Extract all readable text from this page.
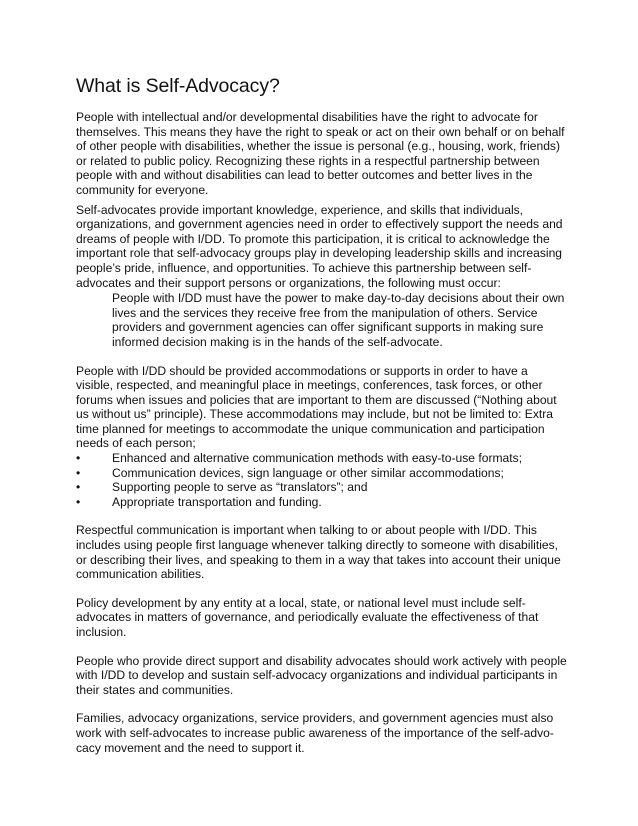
What is Self-Advocacy?

People with intellectual and/or developmental disabilities have the right to advocate for themselves. This means they have the right to speak or act on their own behalf or on behalf of other people with disabilities, whether the issue is personal (e.g., housing, work, friends) or related to public policy. Recognizing these rights in a respectful partnership between people with and without disabilities can lead to better outcomes and better lives in the community for everyone.

Self-advocates provide important knowledge, experience, and skills that individuals, organizations, and government agencies need in order to effectively support the needs and dreams of people with I/DD. To promote this participation, it is critical to acknowledge the important role that self-advocacy groups play in developing leadership skills and increasing people’s pride, influence, and opportunities. To achieve this partnership between self-advocates and their support persons or organizations, the following must occur:

People with I/DD must have the power to make day-to-day decisions about their own lives and the services they receive free from the manipulation of others. Service providers and government agencies can offer significant supports in making sure informed decision making is in the hands of the self-advocate.

People with I/DD should be provided accommodations or supports in order to have a visible, respected, and meaningful place in meetings, conferences, task forces, or other forums when issues and policies that are important to them are discussed (“Nothing about us without us” principle). These accommodations may include, but not be limited to: Extra time planned for meetings to accommodate the unique communication and participation needs of each person;

•	Enhanced and alternative communication methods with easy-to-use formats;
•	Communication devices, sign language or other similar accommodations;
•	Supporting people to serve as “translators”; and
•	Appropriate transportation and funding.

Respectful communication is important when talking to or about people with I/DD. This includes using people first language whenever talking directly to someone with disabilities, or describing their lives, and speaking to them in a way that takes into account their unique communication abilities.

Policy development by any entity at a local, state, or national level must include self-advocates in matters of governance, and periodically evaluate the effectiveness of that inclusion.

People who provide direct support and disability advocates should work actively with people with I/DD to develop and sustain self-advocacy organizations and individual participants in their states and communities.

Families, advocacy organizations, service providers, and government agencies must also work with self-advocates to increase public awareness of the importance of the self-advo-cacy movement and the need to support it.
